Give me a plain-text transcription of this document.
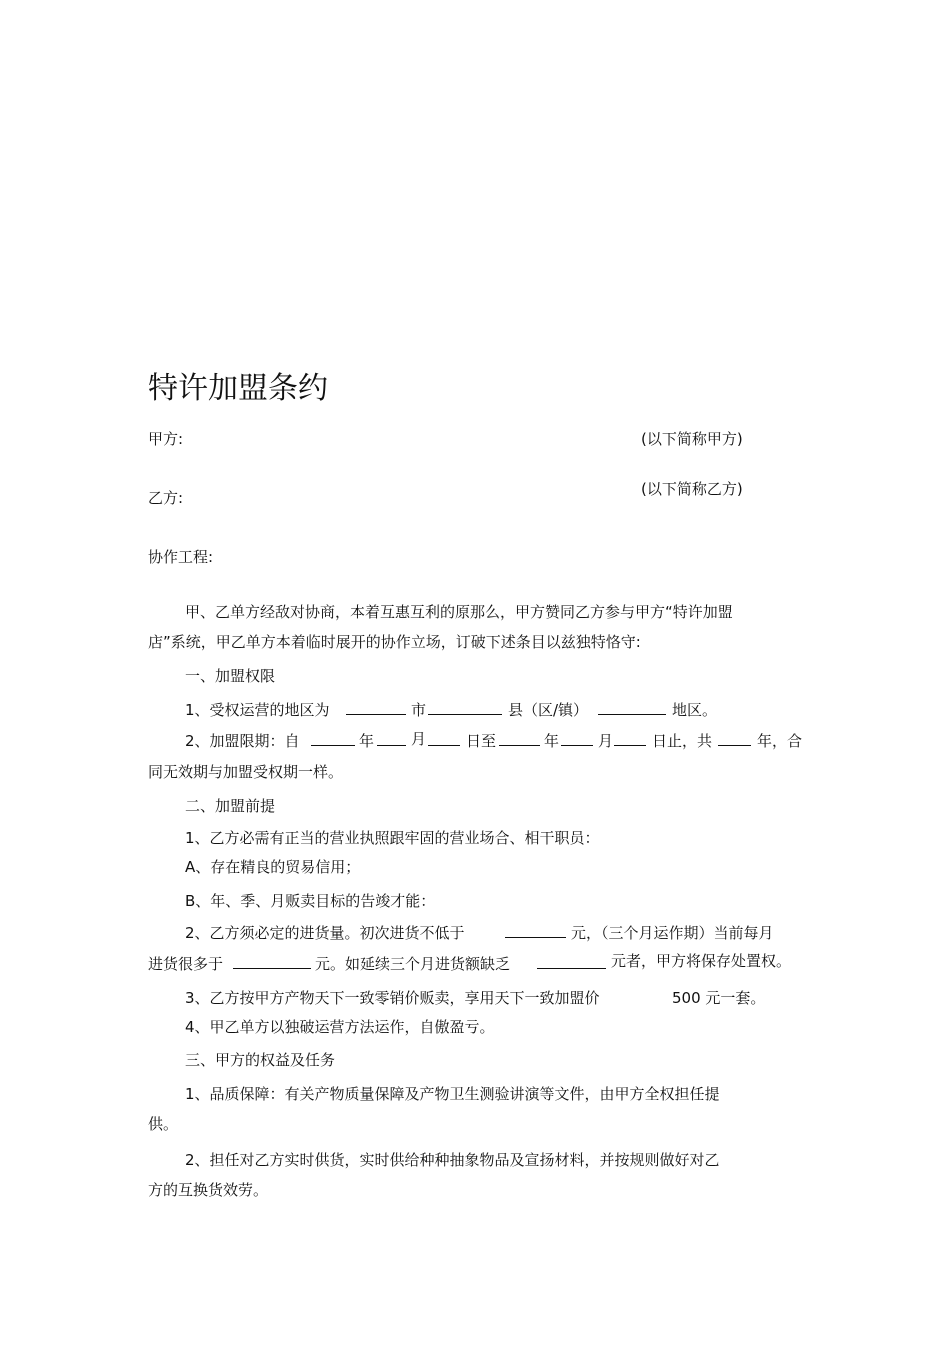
特许加盟条约
甲方:	(以下简称甲方)
乙方:	(以下简称乙方)
协作工程:
甲、乙单方经敌对协商，本着互惠互利的原那么，甲方赞同乙方参与甲方“特许加盟
店”系统，甲乙单方本着临时展开的协作立场，订破下述条目以兹独特恪守:
一、加盟权限
1、受权运营的地区为	市	县（区/镇）	地区。
2、加盟限期：自	年 月	日至	年	月	日止，共	年，合
同无效期与加盟受权期一样。
二、加盟前提
1、乙方必需有正当的营业执照跟牢固的营业场合、相干职员：
A、存在精良的贸易信用；
B、年、季、月贩卖目标的告竣才能：
2、乙方须必定的进货量。初次进货不低于	元，（三个月运作期）当前每月
进货很多于	元。如延续三个月进货额缺乏	元者，甲方将保存处置权。
3、乙方按甲方产物天下一致零销价贩卖，享用天下一致加盟价	500 元一套。
4、甲乙单方以独破运营方法运作，自傲盈亏。
三、甲方的权益及任务
1、品质保障：有关产物质量保障及产物卫生测验讲演等文件，由甲方全权担任提
供。
2、担任对乙方实时供货，实时供给种种抽象物品及宣扬材料，并按规则做好对乙
方的互换货效劳。
